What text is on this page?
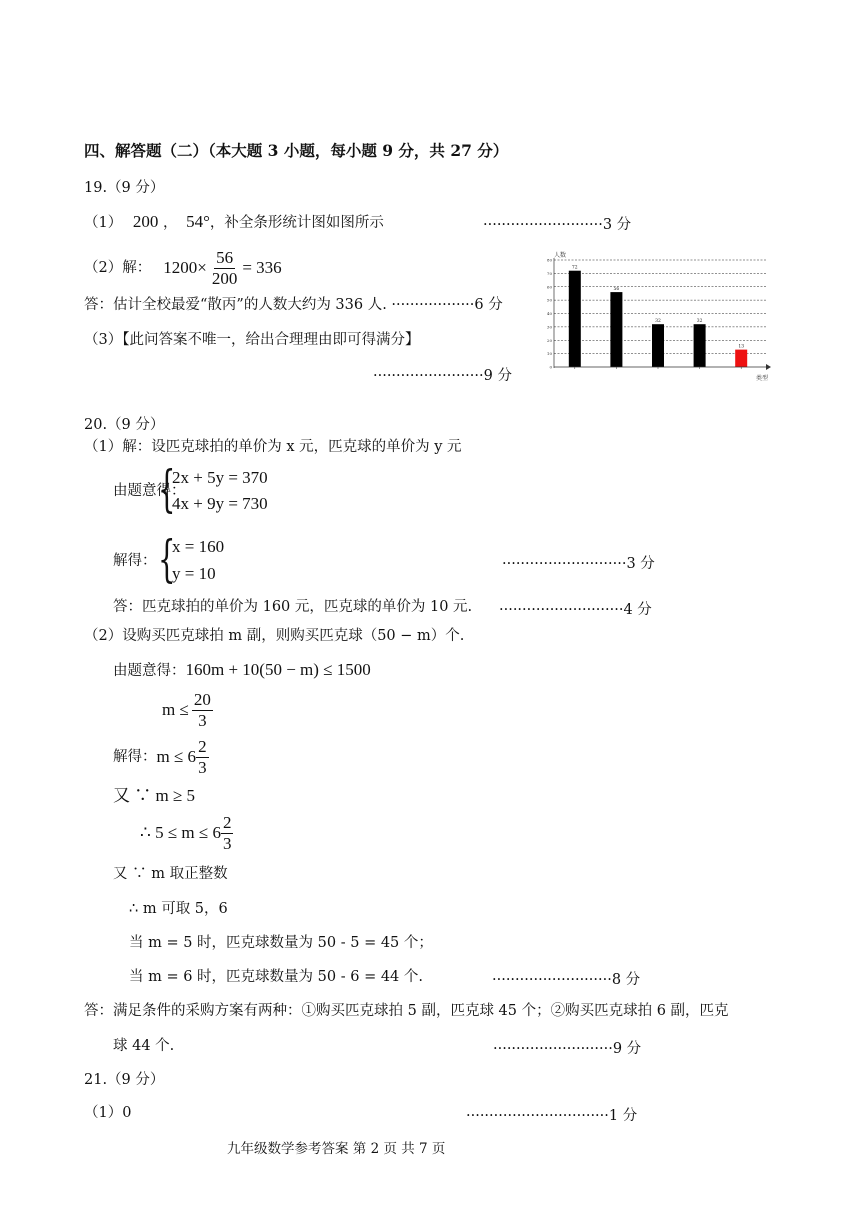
四、解答题（二）（本大题 3 小题，每小题 9 分，共 27 分）
19.（9 分）
（1） 200 ， 54°，补全条形统计图如图所示	··························3 分
（2）解： $1200\times \frac{56}{200} = 336$
答：估计全校最爱“散丙”的人数大约为 336 人. ··················6 分
（3）【此问答案不唯一，给出合理理由即可得满分】
························9 分
人数
类型
0
10
20
30
40
50
60
70
80
72
56
32	32
13
20.（9 分）
（1）解：设匹克球拍的单价为 x 元，匹克球的单价为 y 元
由题意得：
{
2x + 5y = 370
4x + 9y = 730
解得： {
x = 160
y = 10	···························3 分
答：匹克球拍的单价为 160 元，匹克球的单价为 10 元. ···························4 分
（2）设购买匹克球拍 m 副，则购买匹克球（50 − m）个.
由题意得：160m + 10(50 − m) ≤ 1500
$m \le \frac{20}{3}$
解得： $m \le 6 \frac{2}{3}$
又 ∵ m ≥ 5
∴ $5 \le m \le 6 \frac{2}{3}$
又 ∵ m 取正整数
∴ m 可取 5，6
当 m = 5 时，匹克球数量为 50 - 5 = 45 个；
当 m = 6 时，匹克球数量为 50 - 6 = 44 个.	··························8 分
答：满足条件的采购方案有两种：①购买匹克球拍 5 副，匹克球 45 个；②购买匹克球拍 6 副，匹克
球 44 个.	··························9 分
21.（9 分）
（1）0	·······························1 分
九年级数学参考答案 第 2 页 共 7 页
